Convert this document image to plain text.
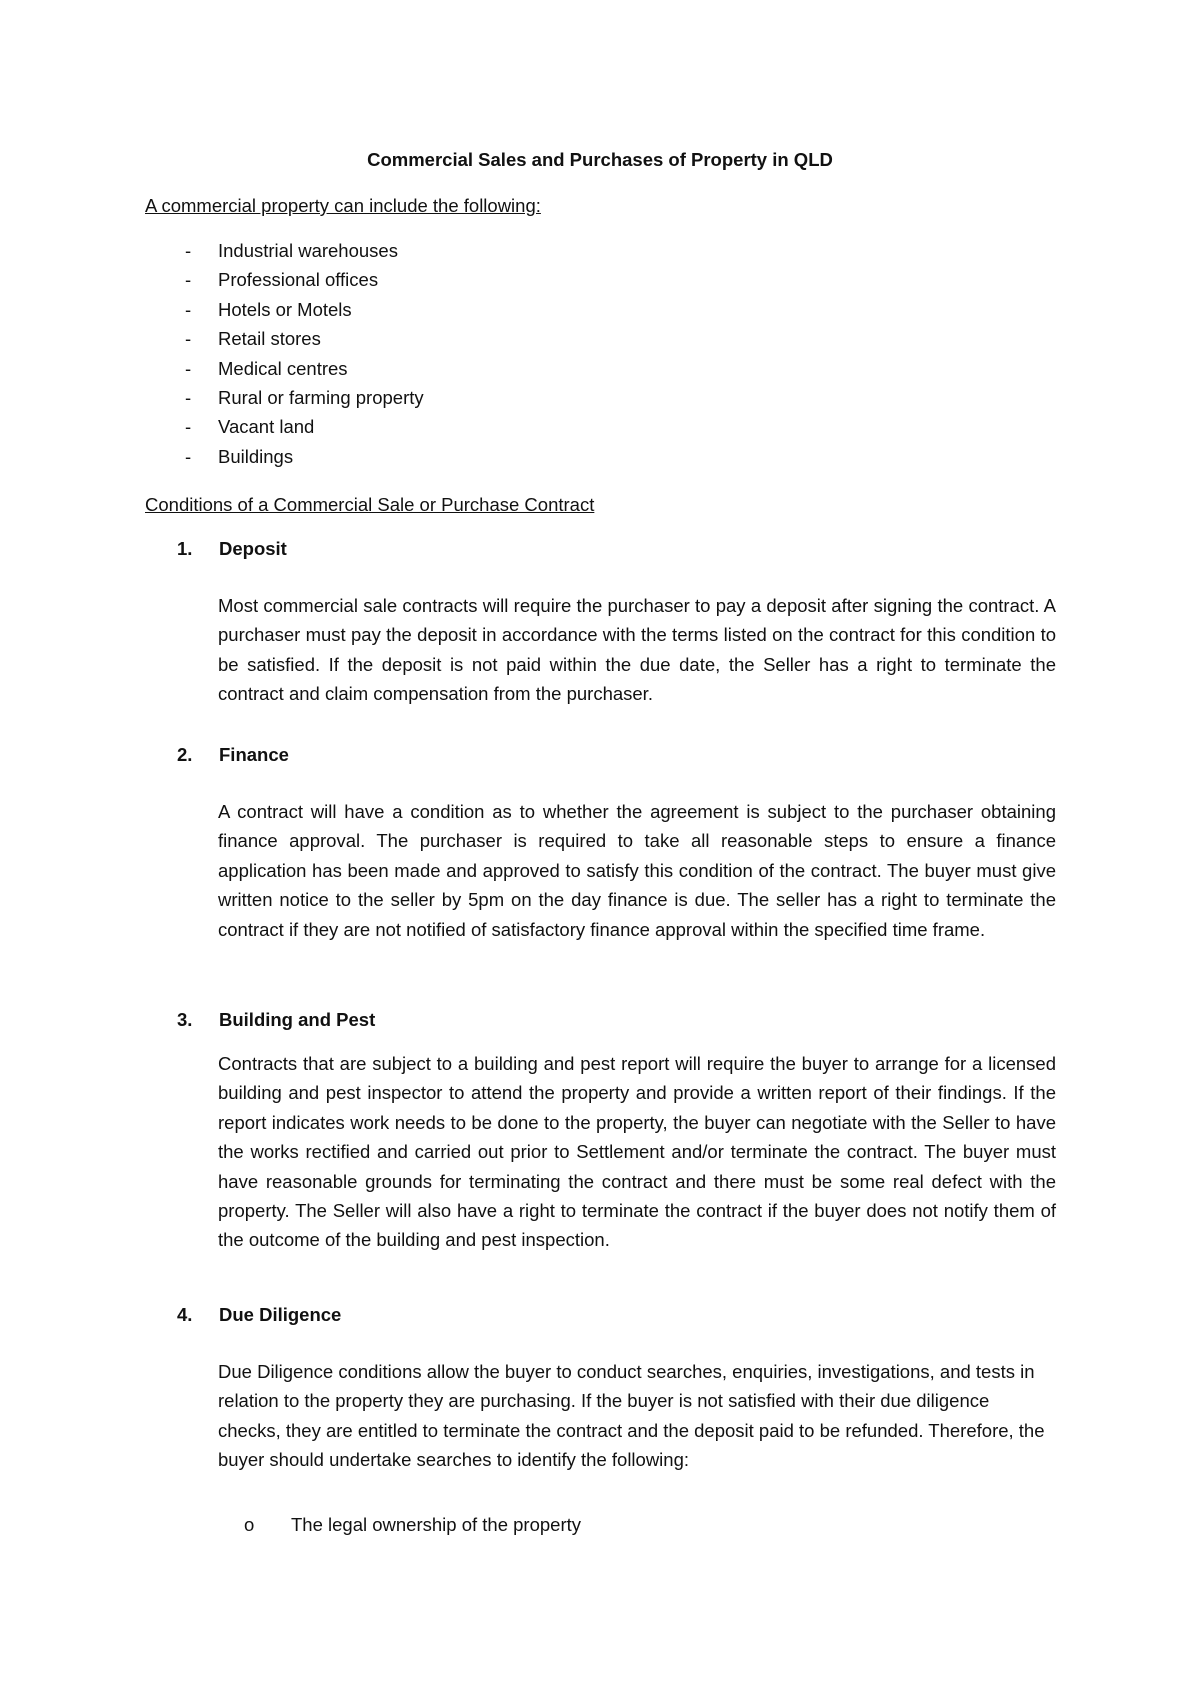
Commercial Sales and Purchases of Property in QLD

A commercial property can include the following:

- Industrial warehouses
- Professional offices
- Hotels or Motels
- Retail stores
- Medical centres
- Rural or farming property
- Vacant land
- Buildings

Conditions of a Commercial Sale or Purchase Contract

1. Deposit

Most commercial sale contracts will require the purchaser to pay a deposit after signing the contract. A purchaser must pay the deposit in accordance with the terms listed on the contract for this condition to be satisfied. If the deposit is not paid within the due date, the Seller has a right to terminate the contract and claim compensation from the purchaser.

2. Finance

A contract will have a condition as to whether the agreement is subject to the purchaser obtaining finance approval. The purchaser is required to take all reasonable steps to ensure a finance application has been made and approved to satisfy this condition of the contract. The buyer must give written notice to the seller by 5pm on the day finance is due. The seller has a right to terminate the contract if they are not notified of satisfactory finance approval within the specified time frame.

3. Building and Pest

Contracts that are subject to a building and pest report will require the buyer to arrange for a licensed building and pest inspector to attend the property and provide a written report of their findings. If the report indicates work needs to be done to the property, the buyer can negotiate with the Seller to have the works rectified and carried out prior to Settlement and/or terminate the contract. The buyer must have reasonable grounds for terminating the contract and there must be some real defect with the property. The Seller will also have a right to terminate the contract if the buyer does not notify them of the outcome of the building and pest inspection.

4. Due Diligence

Due Diligence conditions allow the buyer to conduct searches, enquiries, investigations, and tests in relation to the property they are purchasing. If the buyer is not satisfied with their due diligence checks, they are entitled to terminate the contract and the deposit paid to be refunded. Therefore, the buyer should undertake searches to identify the following:

o The legal ownership of the property
